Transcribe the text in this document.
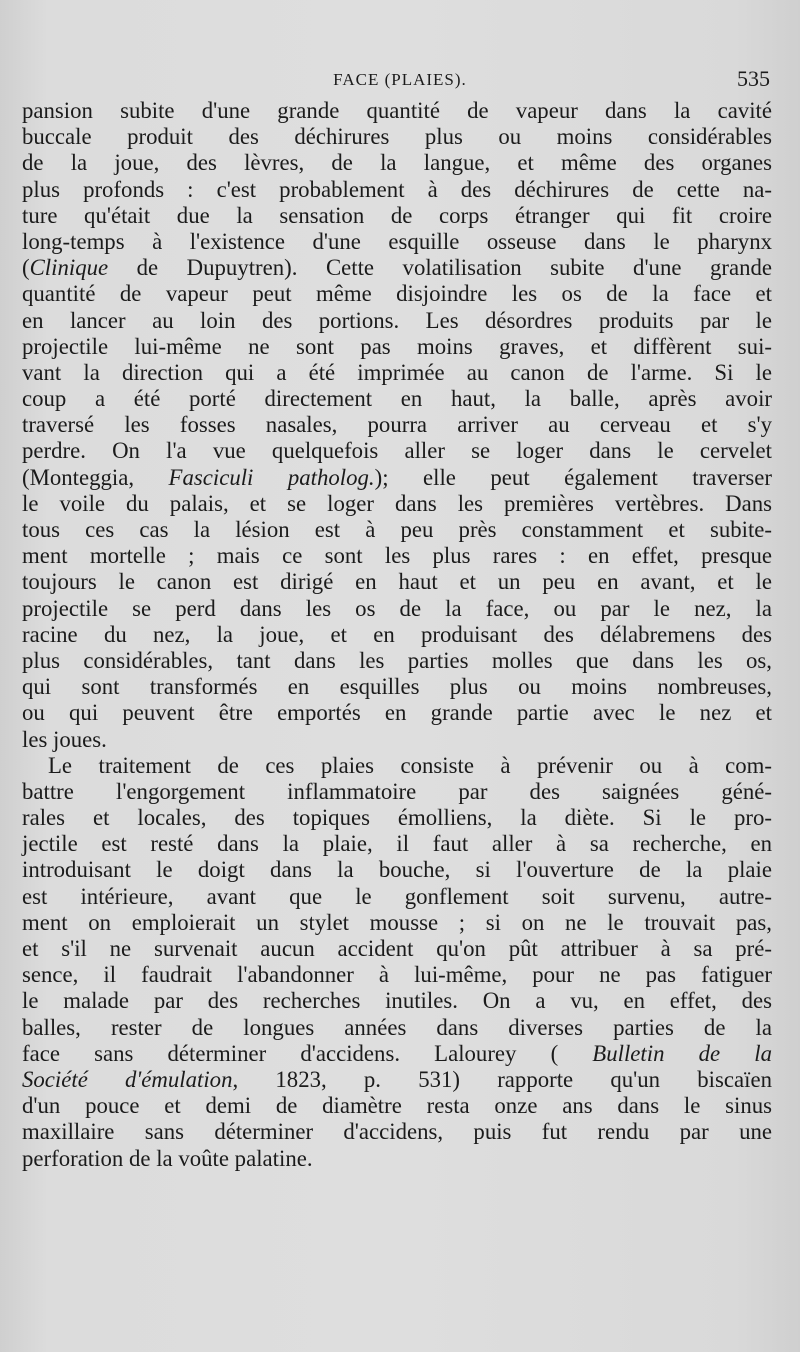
FACE (PLAIES).	535
pansion subite d'une grande quantité de vapeur dans la cavité
buccale produit des déchirures plus ou moins considérables
de la joue, des lèvres, de la langue, et même des organes
plus profonds : c'est probablement à des déchirures de cette na-
ture qu'était due la sensation de corps étranger qui fit croire
long-temps à l'existence d'une esquille osseuse dans le pharynx
(Clinique de Dupuytren). Cette volatilisation subite d'une grande
quantité de vapeur peut même disjoindre les os de la face et
en lancer au loin des portions. Les désordres produits par le
projectile lui-même ne sont pas moins graves, et diffèrent sui-
vant la direction qui a été imprimée au canon de l'arme. Si le
coup a été porté directement en haut, la balle, après avoir
traversé les fosses nasales, pourra arriver au cerveau et s'y
perdre. On l'a vue quelquefois aller se loger dans le cervelet
(Monteggia, Fasciculi patholog.); elle peut également traverser
le voile du palais, et se loger dans les premières vertèbres. Dans
tous ces cas la lésion est à peu près constamment et subite-
ment mortelle ; mais ce sont les plus rares : en effet, presque
toujours le canon est dirigé en haut et un peu en avant, et le
projectile se perd dans les os de la face, ou par le nez, la
racine du nez, la joue, et en produisant des délabremens des
plus considérables, tant dans les parties molles que dans les os,
qui sont transformés en esquilles plus ou moins nombreuses,
ou qui peuvent être emportés en grande partie avec le nez et
les joues.
Le traitement de ces plaies consiste à prévenir ou à com-
battre l'engorgement inflammatoire par des saignées géné-
rales et locales, des topiques émolliens, la diète. Si le pro-
jectile est resté dans la plaie, il faut aller à sa recherche, en
introduisant le doigt dans la bouche, si l'ouverture de la plaie
est intérieure, avant que le gonflement soit survenu, autre-
ment on emploierait un stylet mousse ; si on ne le trouvait pas,
et s'il ne survenait aucun accident qu'on pût attribuer à sa pré-
sence, il faudrait l'abandonner à lui-même, pour ne pas fatiguer
le malade par des recherches inutiles. On a vu, en effet, des
balles, rester de longues années dans diverses parties de la
face sans déterminer d'accidens. Lalourey ( Bulletin de la
Société d'émulation, 1823, p. 531) rapporte qu'un biscaïen
d'un pouce et demi de diamètre resta onze ans dans le sinus
maxillaire sans déterminer d'accidens, puis fut rendu par une
perforation de la voûte palatine.
